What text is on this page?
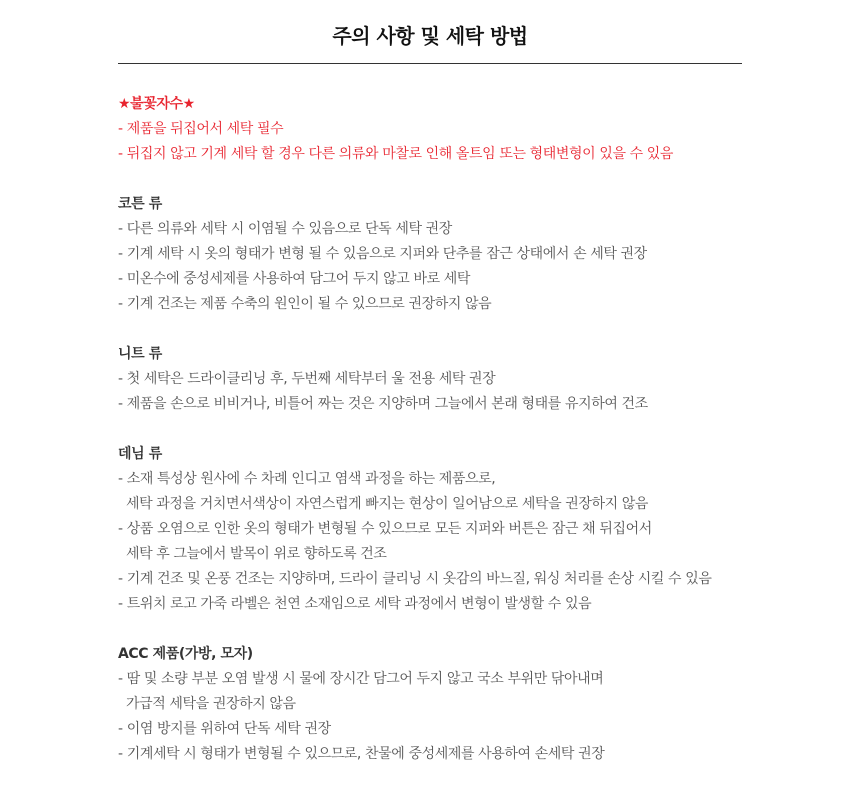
주의 사항 및 세탁 방법
★불꽃자수★
- 제품을 뒤집어서 세탁 필수
- 뒤집지 않고 기계 세탁 할 경우 다른 의류와 마찰로 인해 올트임 또는 형태변형이 있을 수 있음
코튼 류
- 다른 의류와 세탁 시 이염될 수 있음으로 단독 세탁 권장
- 기계 세탁 시 옷의 형태가 변형 될 수 있음으로 지퍼와 단추를 잠근 상태에서 손 세탁 권장
- 미온수에 중성세제를 사용하여 담그어 두지 않고 바로 세탁
- 기계 건조는 제품 수축의 원인이 될 수 있으므로 권장하지 않음
니트 류
- 첫 세탁은 드라이클리닝 후, 두번째 세탁부터 울 전용 세탁 권장
- 제품을 손으로 비비거나, 비틀어 짜는 것은 지양하며 그늘에서 본래 형태를 유지하여 건조
데님 류
- 소재 특성상 원사에 수 차례 인디고 염색 과정을 하는 제품으로,
세탁 과정을 거치면서색상이 자연스럽게 빠지는 현상이 일어남으로 세탁을 권장하지 않음
- 상품 오염으로 인한 옷의 형태가 변형될 수 있으므로 모든 지퍼와 버튼은 잠근 채 뒤집어서
세탁 후 그늘에서 발목이 위로 향하도록 건조
- 기계 건조 및 온풍 건조는 지양하며, 드라이 클리닝 시 옷감의 바느질, 워싱 처리를 손상 시킬 수 있음
- 트위치 로고 가죽 라벨은 천연 소재임으로 세탁 과정에서 변형이 발생할 수 있음
ACC 제품(가방, 모자)
- 땀 및 소량 부분 오염 발생 시 물에 장시간 담그어 두지 않고 국소 부위만 닦아내며
가급적 세탁을 권장하지 않음
- 이염 방지를 위하여 단독 세탁 권장
- 기계세탁 시 형태가 변형될 수 있으므로, 찬물에 중성세제를 사용하여 손세탁 권장
